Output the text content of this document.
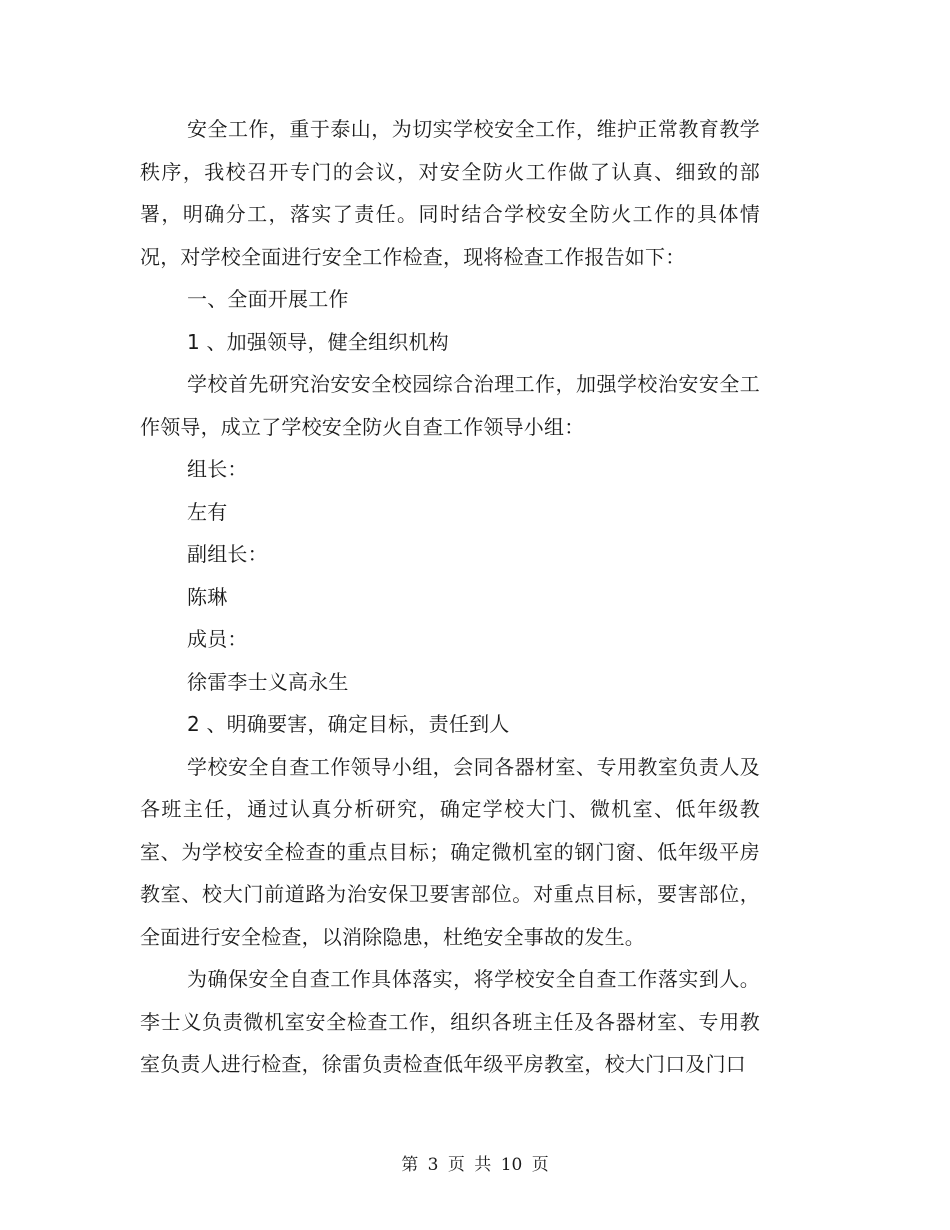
安全工作，重于泰山，为切实学校安全工作，维护正常教育教学秩序，我校召开专门的会议，对安全防火工作做了认真、细致的部署，明确分工，落实了责任。同时结合学校安全防火工作的具体情况，对学校全面进行安全工作检查，现将检查工作报告如下：

一、全面开展工作

1 、加强领导，健全组织机构

学校首先研究治安安全校园综合治理工作，加强学校治安安全工作领导，成立了学校安全防火自查工作领导小组：

组长：

左有

副组长：

陈琳

成员：

徐雷李士义高永生

2 、明确要害，确定目标，责任到人

学校安全自查工作领导小组，会同各器材室、专用教室负责人及各班主任，通过认真分析研究，确定学校大门、微机室、低年级教室、为学校安全检查的重点目标；确定微机室的钢门窗、低年级平房教室、校大门前道路为治安保卫要害部位。对重点目标，要害部位，全面进行安全检查，以消除隐患，杜绝安全事故的发生。

为确保安全自查工作具体落实，将学校安全自查工作落实到人。李士义负责微机室安全检查工作，组织各班主任及各器材室、专用教室负责人进行检查，徐雷负责检查低年级平房教室，校大门口及门口

第 3 页 共 10 页
